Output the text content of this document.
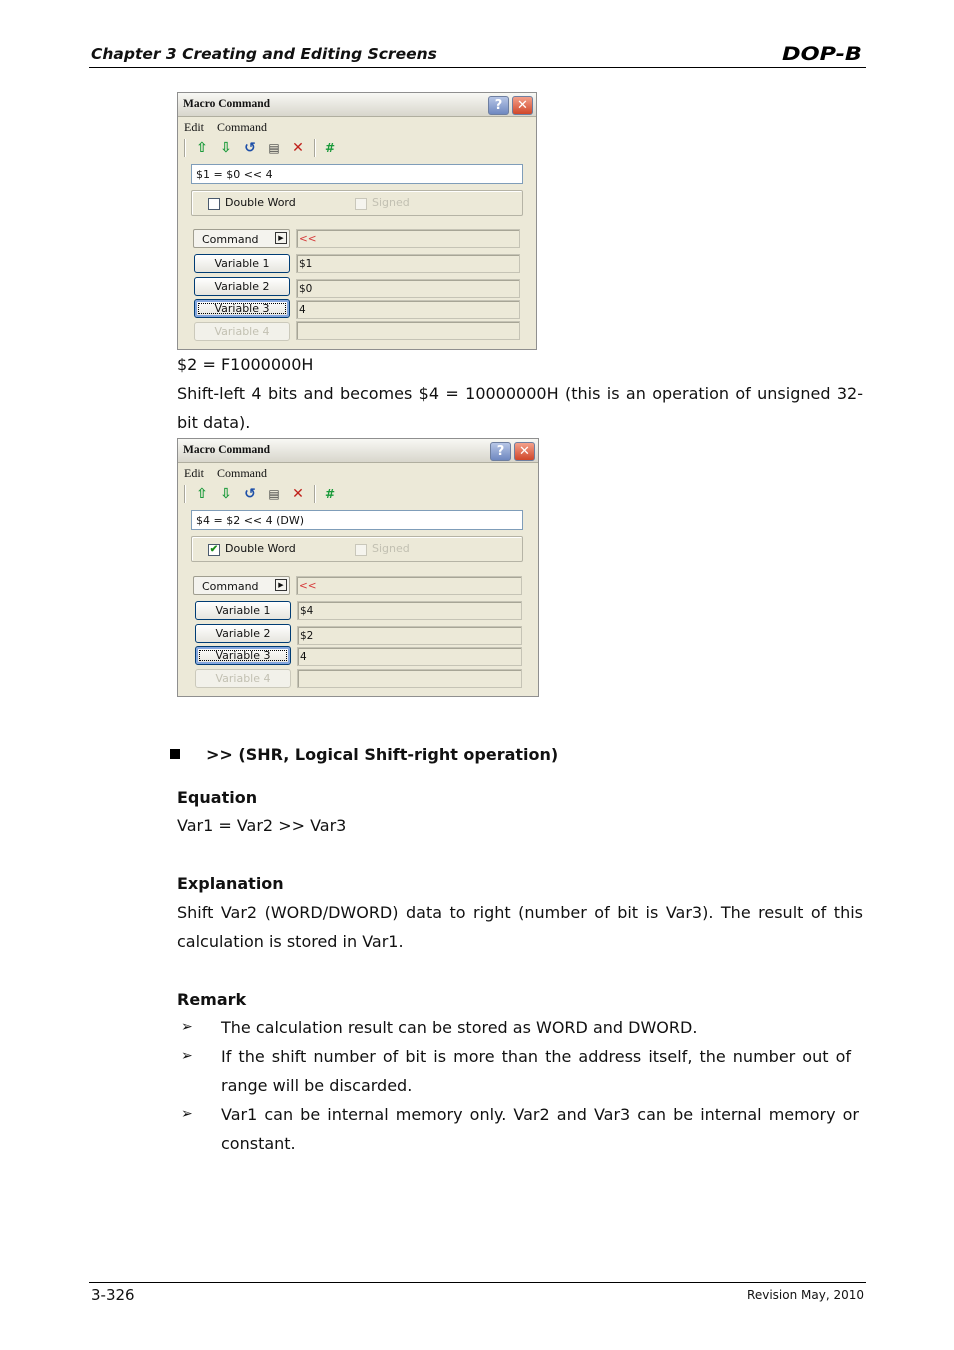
Chapter 3 Creating and Editing Screens	DOP-B
Macro Command	?	✕
Edit Command
⇧ ⇩ ↺ ▤ ✕ #
$1 = $0 << 4
Double Word	Signed
Command	▶	<<
Variable 1	$1
Variable 2	$0
Variable 3	4
Variable 4
$2 = F1000000H
Shift-left 4 bits and becomes $4 = 10000000H (this is an operation of unsigned 32-bit data).
Macro Command	?	✕
Edit Command
⇧ ⇩ ↺ ▤ ✕ #
$4 = $2 << 4 (DW)
✔ Double Word	Signed
Command	▶	<<
Variable 1	$4
Variable 2	$2
Variable 3	4
Variable 4
>> (SHR, Logical Shift-right operation)
Equation
Var1 = Var2 >> Var3
Explanation
Shift Var2 (WORD/DWORD) data to right (number of bit is Var3). The result of this calculation is stored in Var1.
Remark
➢ The calculation result can be stored as WORD and DWORD.
➢ If the shift number of bit is more than the address itself, the number out of range will be discarded.
➢ Var1 can be internal memory only. Var2 and Var3 can be internal memory or constant.
3-326	Revision May, 2010
